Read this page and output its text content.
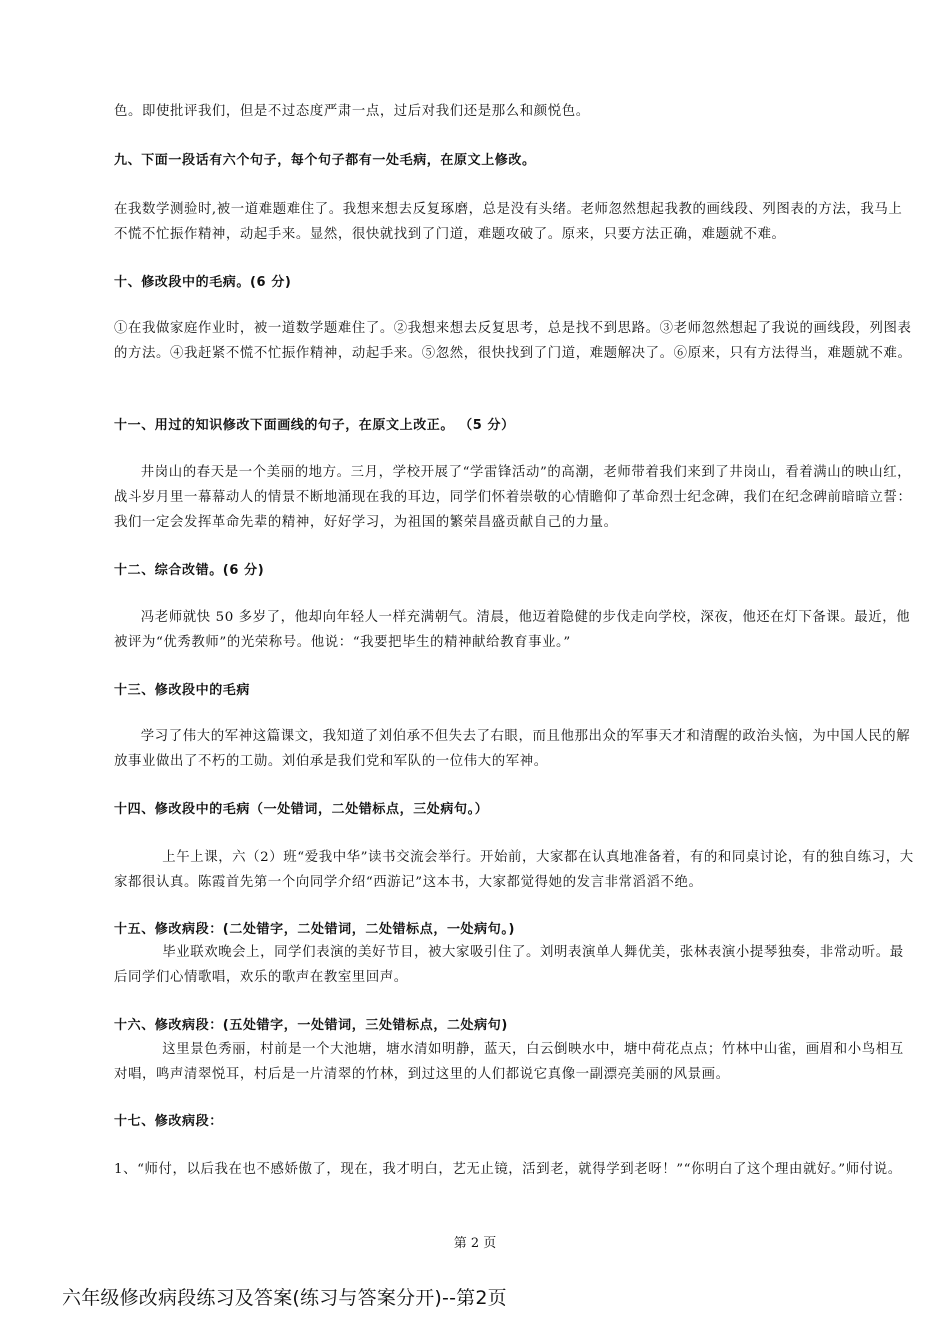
色。即使批评我们，但是不过态度严肃一点，过后对我们还是那么和颜悦色。

九、下面一段话有六个句子，每个句子都有一处毛病，在原文上修改。

在我数学测验时,被一道难题难住了。我想来想去反复琢磨，总是没有头绪。老师忽然想起我教的画线段、列图表的方法，我马上不慌不忙振作精神，动起手来。显然，很快就找到了门道，难题攻破了。原来，只要方法正确，难题就不难。

十、修改段中的毛病。(6 分)

①在我做家庭作业时，被一道数学题难住了。②我想来想去反复思考，总是找不到思路。③老师忽然想起了我说的画线段，列图表的方法。④我赶紧不慌不忙振作精神，动起手来。⑤忽然，很快找到了门道，难题解决了。⑥原来，只有方法得当，难题就不难。

十一、用过的知识修改下面画线的句子，在原文上改正。 （5 分）

井岗山的春天是一个美丽的地方。三月，学校开展了“学雷锋活动”的高潮，老师带着我们来到了井岗山，看着满山的映山红，战斗岁月里一幕幕动人的情景不断地涌现在我的耳边，同学们怀着崇敬的心情瞻仰了革命烈士纪念碑，我们在纪念碑前暗暗立誓：我们一定会发挥革命先辈的精神，好好学习，为祖国的繁荣昌盛贡献自己的力量。

十二、综合改错。(6 分)

冯老师就快 50 多岁了，他却向年轻人一样充满朝气。清晨，他迈着隐健的步伐走向学校，深夜，他还在灯下备课。最近，他被评为“优秀教师”的光荣称号。他说：“我要把毕生的精神献给教育事业。”

十三、修改段中的毛病

学习了伟大的军神这篇课文，我知道了刘伯承不但失去了右眼，而且他那出众的军事天才和清醒的政治头恼，为中国人民的解放事业做出了不朽的工勋。刘伯承是我们党和军队的一位伟大的军神。

十四、修改段中的毛病（一处错词，二处错标点，三处病句。）

上午上课，六（2）班“爱我中华”读书交流会举行。开始前，大家都在认真地准备着，有的和同桌讨论，有的独自练习，大家都很认真。陈霞首先第一个向同学介绍“西游记”这本书，大家都觉得她的发言非常滔滔不绝。

十五、修改病段：(二处错字，二处错词，二处错标点，一处病句。)

毕业联欢晚会上，同学们表演的美好节目，被大家吸引住了。刘明表演单人舞优美，张林表演小提琴独奏，非常动听。最后同学们心情歌唱，欢乐的歌声在教室里回声。

十六、修改病段：(五处错字，一处错词，三处错标点，二处病句)

这里景色秀丽，村前是一个大池塘，塘水清如明静，蓝天，白云倒映水中，塘中荷花点点；竹林中山雀，画眉和小鸟相互对唱，鸣声清翠悦耳，村后是一片清翠的竹林，到过这里的人们都说它真像一副漂亮美丽的风景画。

十七、修改病段：

1、“师付，以后我在也不感娇傲了，现在，我才明白，艺无止镜，活到老，就得学到老呀！”“你明白了这个理由就好。”师付说。

第 2 页
六年级修改病段练习及答案(练习与答案分开)--第2页
